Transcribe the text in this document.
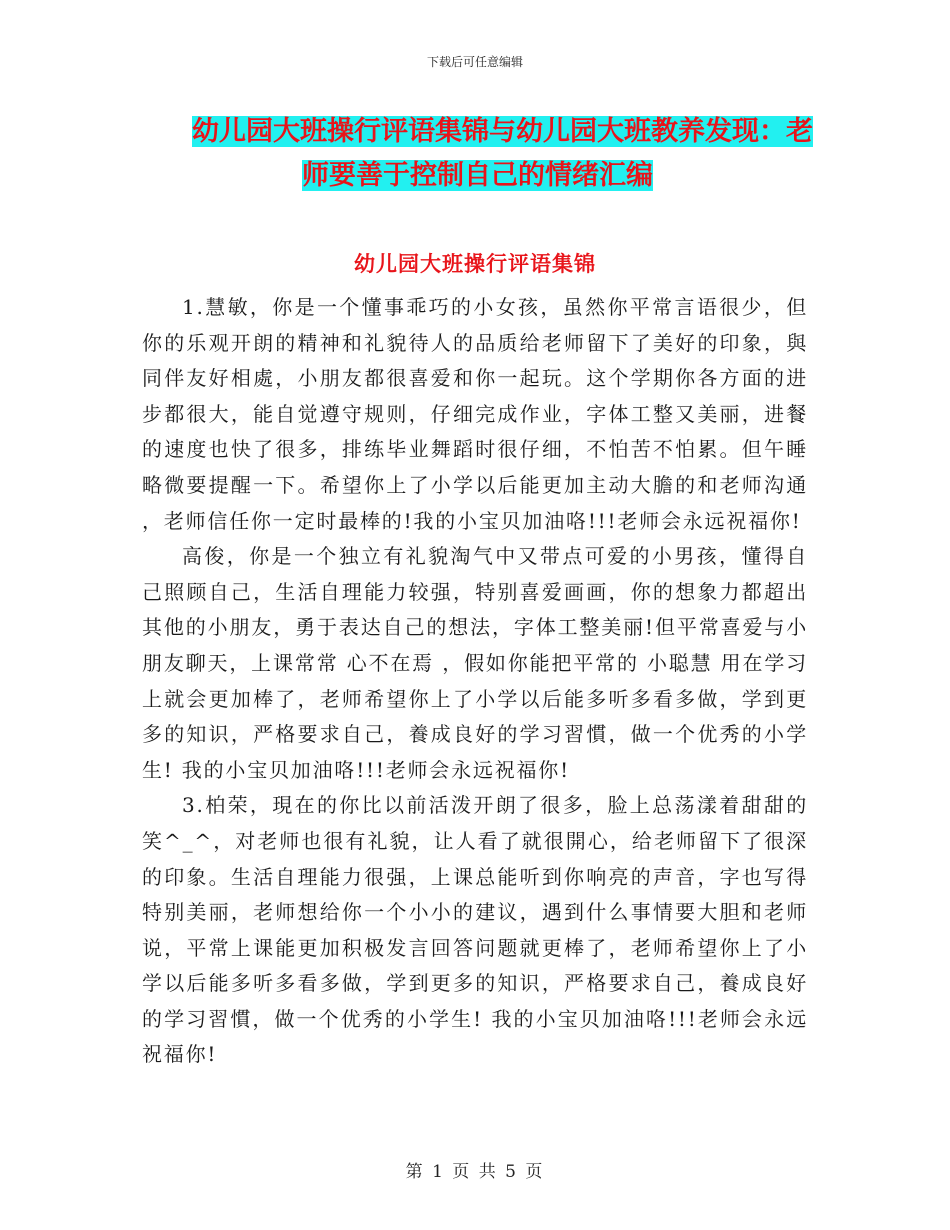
下载后可任意编辑
幼儿园大班操行评语集锦与幼儿园大班教养发现：老
师要善于控制自己的情绪汇编
幼儿园大班操行评语集锦

1.慧敏，你是一个懂事乖巧的小女孩，虽然你平常言语很少，但你的乐观开朗的精神和礼貌待人的品质给老师留下了美好的印象，與同伴友好相處，小朋友都很喜爱和你一起玩。这个学期你各方面的进步都很大，能自觉遵守规则，仔细完成作业，字体工整又美丽，进餐的速度也快了很多，排练毕业舞蹈时很仔细，不怕苦不怕累。但午睡略微要提醒一下。希望你上了小学以后能更加主动大膽的和老师沟通 ，老师信任你一定时最棒的!我的小宝贝加油咯!!!老师会永远祝福你!

高俊，你是一个独立有礼貌淘气中又带点可爱的小男孩，懂得自己照顾自己，生活自理能力较强，特别喜爱画画，你的想象力都超出其他的小朋友，勇于表达自己的想法，字体工整美丽!但平常喜爱与小朋友聊天，上课常常 心不在焉 ，假如你能把平常的 小聪慧 用在学习上就会更加棒了，老师希望你上了小学以后能多听多看多做，学到更多的知识，严格要求自己，養成良好的学习習慣，做一个优秀的小学生! 我的小宝贝加油咯!!!老师会永远祝福你!

3.柏荣，現在的你比以前活泼开朗了很多，脸上总荡漾着甜甜的笑^_^，对老师也很有礼貌，让人看了就很開心，给老师留下了很深的印象。生活自理能力很强，上课总能听到你响亮的声音，字也写得特别美丽，老师想给你一个小小的建议，遇到什么事情要大胆和老师说，平常上课能更加积极发言回答问题就更棒了，老师希望你上了小学以后能多听多看多做，学到更多的知识，严格要求自己，養成良好的学习習慣，做一个优秀的小学生! 我的小宝贝加油咯!!!老师会永远祝福你!

第 1 页 共 5 页
